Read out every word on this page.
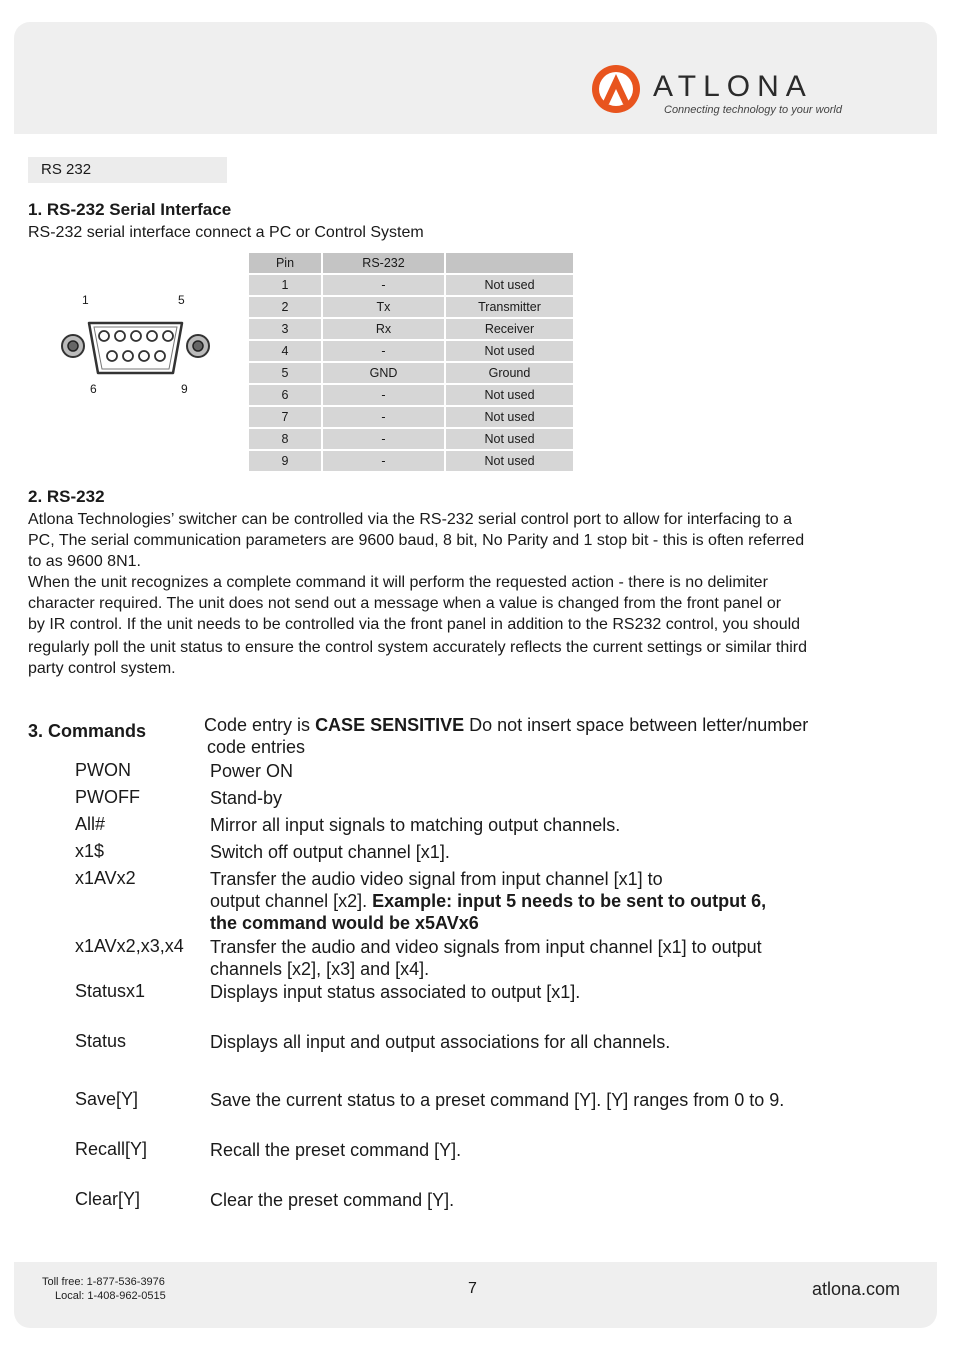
ATLONA
Connecting technology to your world
RS 232
1. RS-232 Serial Interface
RS-232 serial interface connect a PC or Control System
1	5
6	9
Pin	RS-232	
1	-	Not used
2	Tx	Transmitter
3	Rx	Receiver
4	-	Not used
5	GND	Ground
6	-	Not used
7	-	Not used
8	-	Not used
9	-	Not used
2. RS-232
Atlona Technologies’ switcher can be controlled via the RS-232 serial control port to allow for interfacing to a
PC, The serial communication parameters are 9600 baud, 8 bit, No Parity and 1 stop bit - this is often referred
to as 9600 8N1.
When the unit recognizes a complete command it will perform the requested action - there is no delimiter
character required. The unit does not send out a message when a value is changed from the front panel or
by IR control. If the unit needs to be controlled via the front panel in addition to the RS232 control, you should
regularly poll the unit status to ensure the control system accurately reflects the current settings or similar third
party control system.
3. Commands	Code entry is CASE SENSITIVE Do not insert space between letter/number
code entries
PWON	Power ON
PWOFF	Stand-by
All#	Mirror all input signals to matching output channels.
x1$	Switch off output channel [x1].
x1AVx2	Transfer the audio video signal from input channel [x1] to
output channel [x2]. Example: input 5 needs to be sent to output 6,
the command would be x5AVx6
x1AVx2,x3,x4 Transfer the audio and video signals from input channel [x1] to output
channels [x2], [x3] and [x4].
Statusx1	Displays input status associated to output [x1].
Status	Displays all input and output associations for all channels.
Save[Y]	Save the current status to a preset command [Y]. [Y] ranges from 0 to 9.
Recall[Y]	Recall the preset command [Y].
Clear[Y]	Clear the preset command [Y].
Toll free: 1-877-536-3976
Local: 1-408-962-0515	7	atlona.com
